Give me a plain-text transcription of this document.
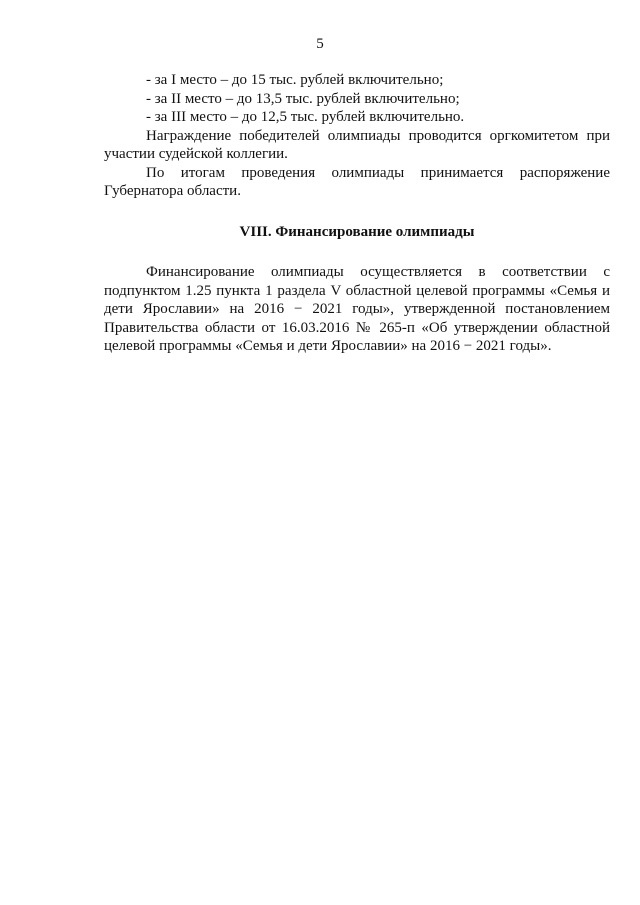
5

- за I место – до 15 тыс. рублей включительно;

- за II место – до 13,5 тыс. рублей включительно;

- за III место – до 12,5 тыс. рублей включительно.

Награждение победителей олимпиады проводится оргкомитетом при участии судейской коллегии.

По итогам проведения олимпиады принимается распоряжение Губернатора области.

VIII. Финансирование олимпиады

Финансирование олимпиады осуществляется в соответствии с подпунктом 1.25 пункта 1 раздела V областной целевой программы «Семья и дети Ярославии» на 2016 − 2021 годы», утвержденной постановлением Правительства области от 16.03.2016 № 265-п «Об утверждении областной целевой программы «Семья и дети Ярославии» на 2016 − 2021 годы».
